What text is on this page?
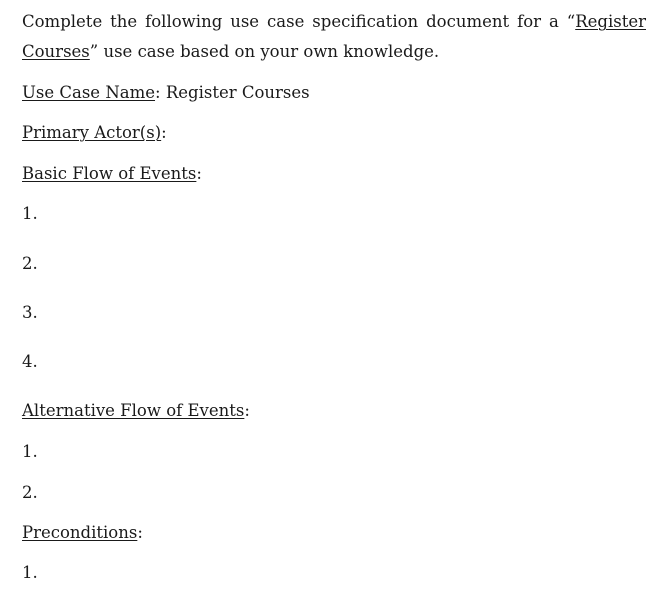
Complete the following use case specification document for a “Register
Courses” use case based on your own knowledge.
Use Case Name: Register Courses
Primary Actor(s):
Basic Flow of Events:
1.
2.
3.
4.
Alternative Flow of Events:
1.
2.
Preconditions:
1.
